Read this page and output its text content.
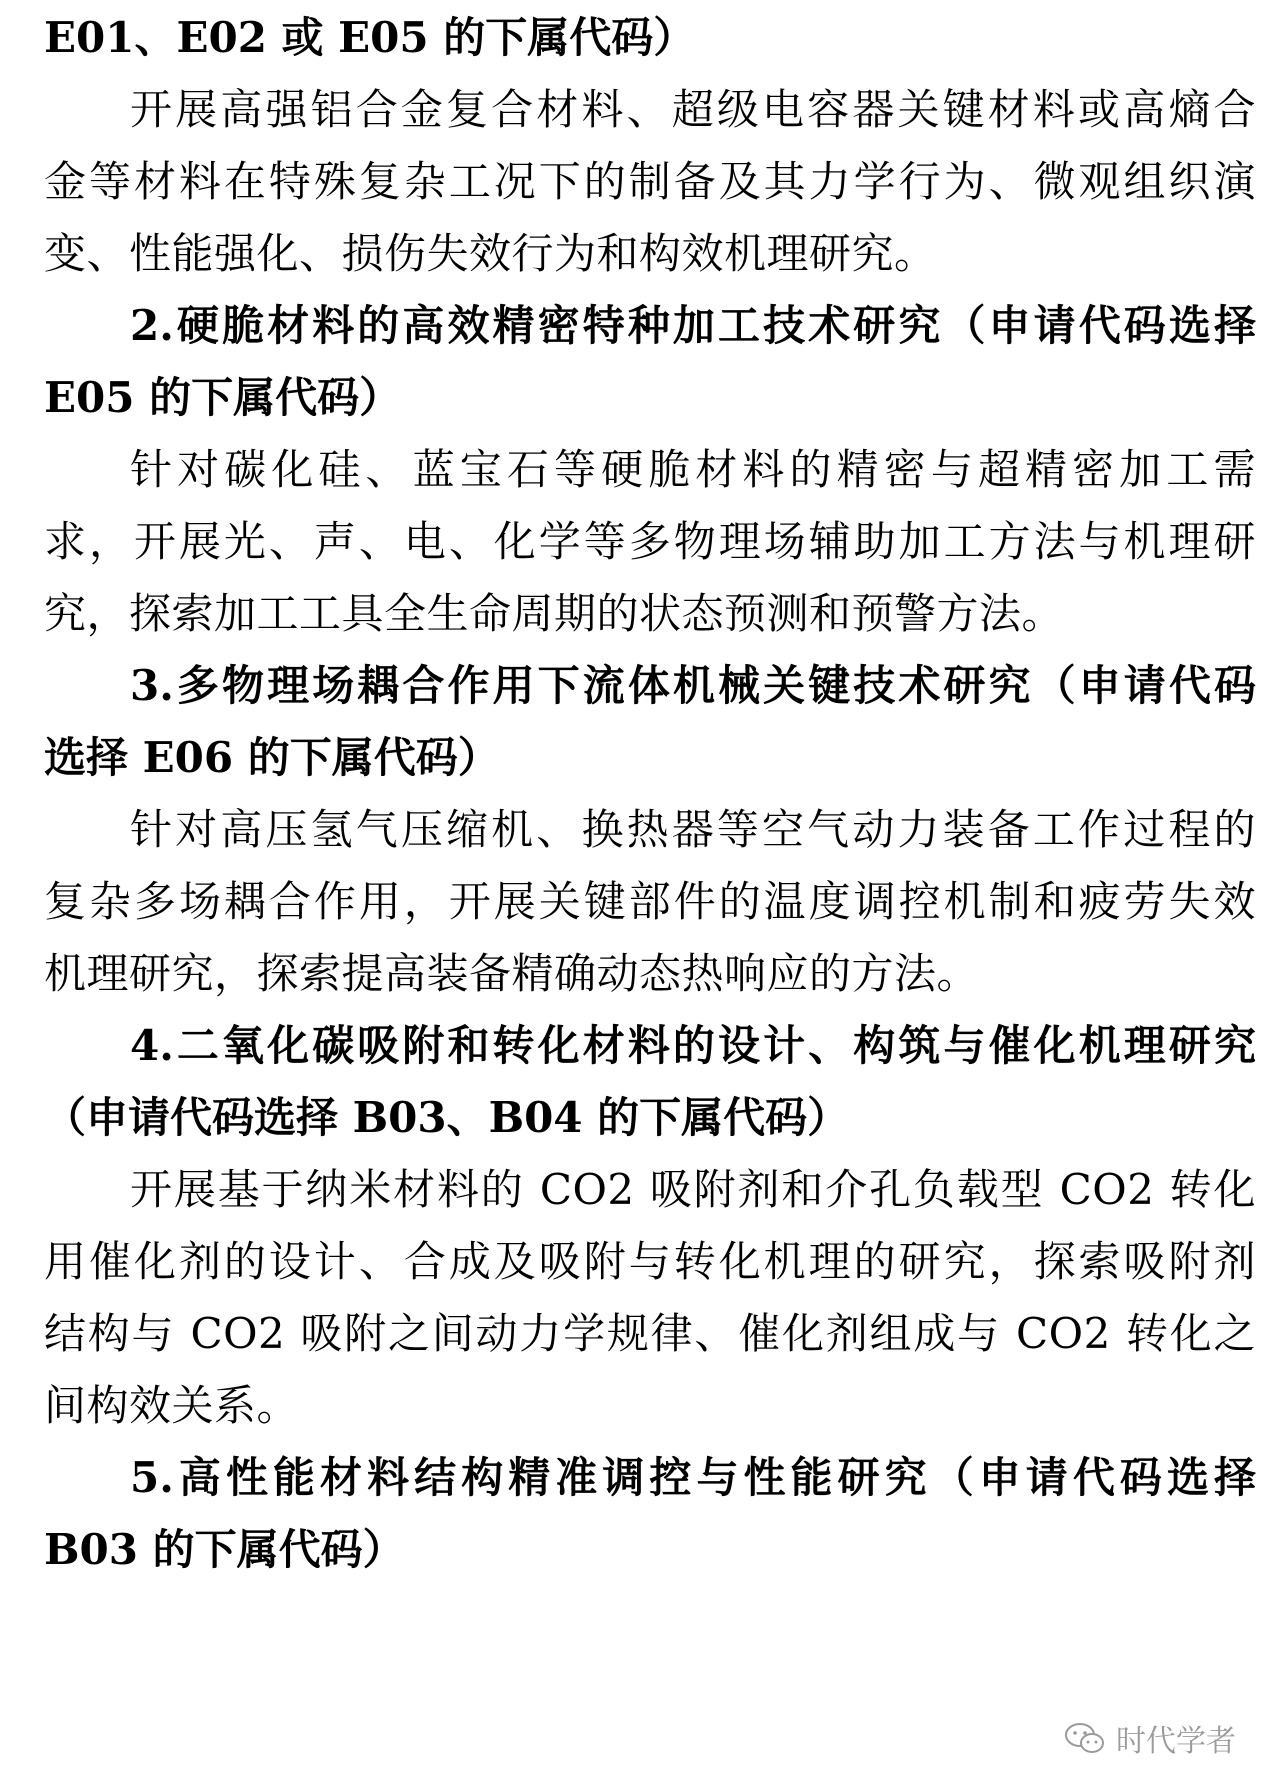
E01、E02 或 E05 的下属代码）
开展高强铝合金复合材料、超级电容器关键材料或高熵合
金等材料在特殊复杂工况下的制备及其力学行为、微观组织演
变、性能强化、损伤失效行为和构效机理研究。
2.硬脆材料的高效精密特种加工技术研究（申请代码选择
E05 的下属代码）
针对碳化硅、蓝宝石等硬脆材料的精密与超精密加工需
求，开展光、声、电、化学等多物理场辅助加工方法与机理研
究，探索加工工具全生命周期的状态预测和预警方法。
3.多物理场耦合作用下流体机械关键技术研究（申请代码
选择 E06 的下属代码）
针对高压氢气压缩机、换热器等空气动力装备工作过程的
复杂多场耦合作用，开展关键部件的温度调控机制和疲劳失效
机理研究，探索提高装备精确动态热响应的方法。
4.二氧化碳吸附和转化材料的设计、构筑与催化机理研究
（申请代码选择 B03、B04 的下属代码）
开展基于纳米材料的 CO2 吸附剂和介孔负载型 CO2 转化
用催化剂的设计、合成及吸附与转化机理的研究，探索吸附剂
结构与 CO2 吸附之间动力学规律、催化剂组成与 CO2 转化之
间构效关系。
5.高性能材料结构精准调控与性能研究（申请代码选择
B03 的下属代码）
时代学者
